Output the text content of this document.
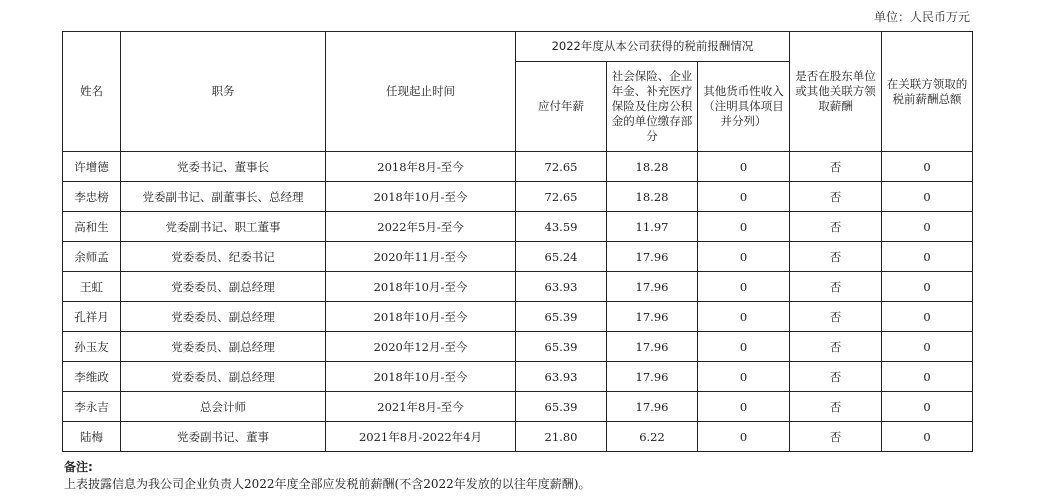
单位：人民币万元
姓名	职务	任现起止时间	2022年度从本公司获得的税前报酬情况			是否在股东单位或其他关联方领取薪酬	在关联方领取的税前薪酬总额
			应付年薪	社会保险、企业年金、补充医疗保险及住房公积金的单位缴存部分	其他货币性收入（注明具体项目并分列）		
许增德	党委书记、董事长	2018年8月-至今	72.65	18.28	0	否	0
李忠榜	党委副书记、副董事长、总经理	2018年10月-至今	72.65	18.28	0	否	0
高和生	党委副书记、职工董事	2022年5月-至今	43.59	11.97	0	否	0
余师孟	党委委员、纪委书记	2020年11月-至今	65.24	17.96	0	否	0
王虹	党委委员、副总经理	2018年10月-至今	63.93	17.96	0	否	0
孔祥月	党委委员、副总经理	2018年10月-至今	65.39	17.96	0	否	0
孙玉友	党委委员、副总经理	2020年12月-至今	65.39	17.96	0	否	0
李维政	党委委员、副总经理	2018年10月-至今	63.93	17.96	0	否	0
李永吉	总会计师	2021年8月-至今	65.39	17.96	0	否	0
陆梅	党委副书记、董事	2021年8月-2022年4月	21.80	6.22	0	否	0
备注:
上表披露信息为我公司企业负责人2022年度全部应发税前薪酬(不含2022年发放的以往年度薪酬)。
